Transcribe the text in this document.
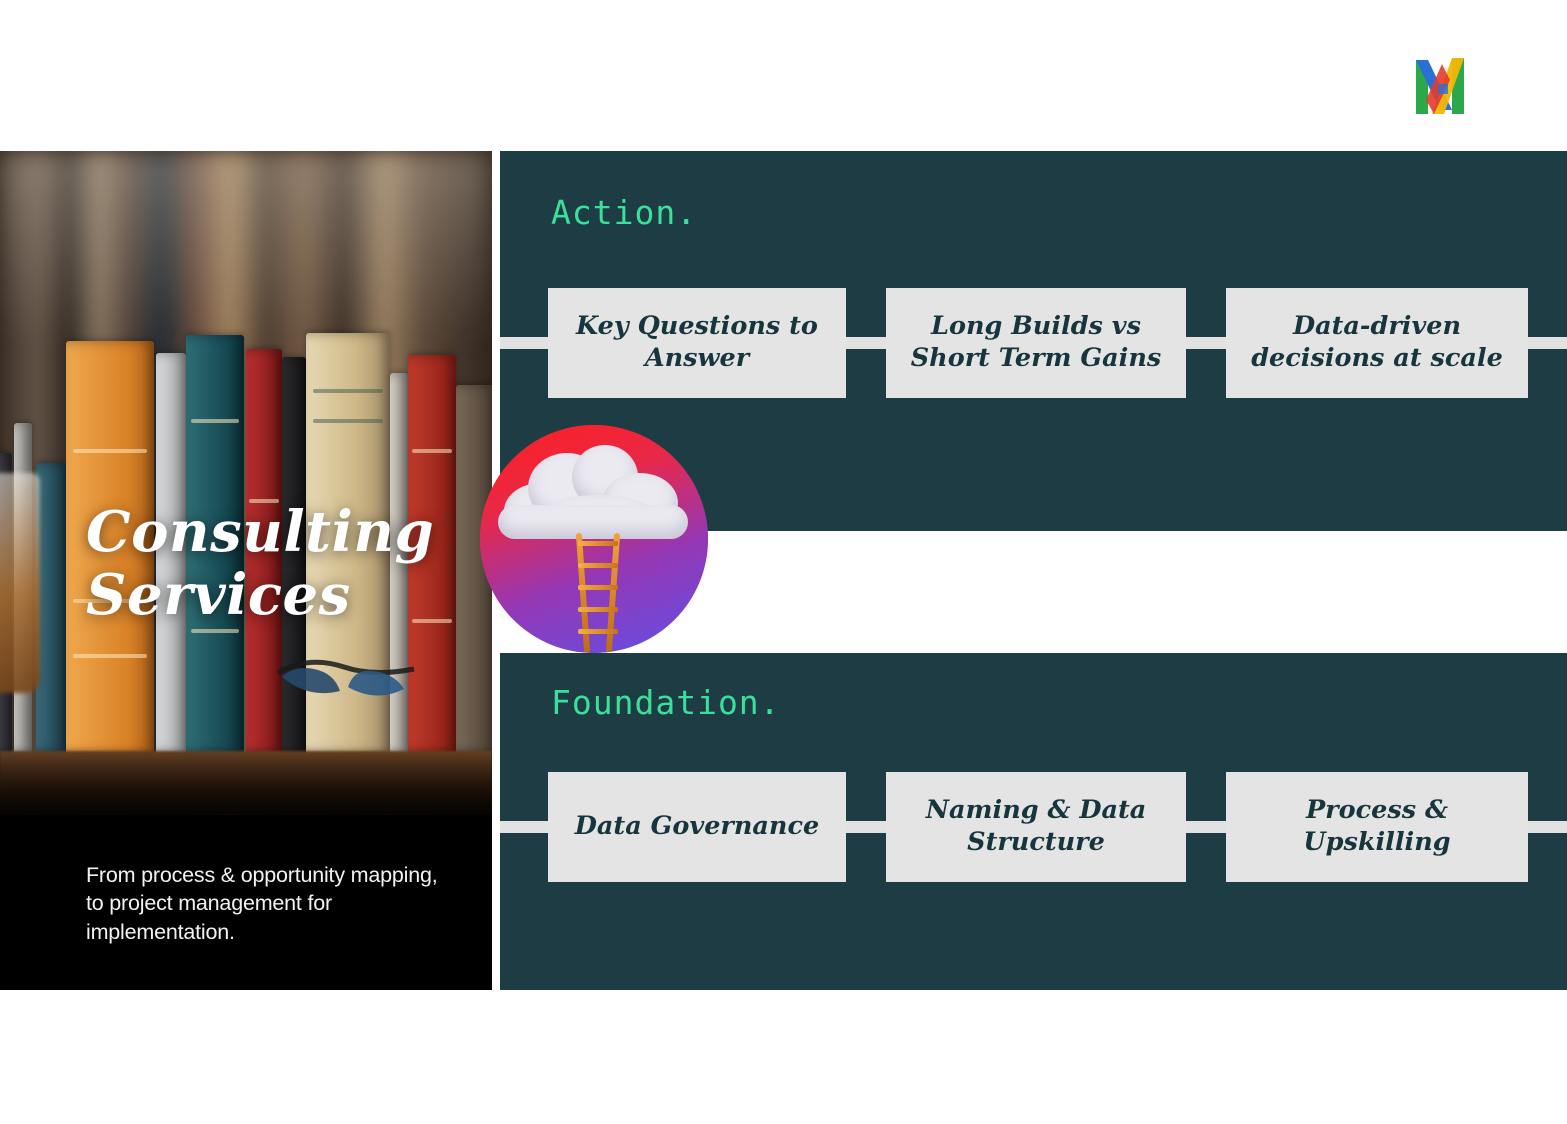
Consulting Services
From process & opportunity mapping, to project management for implementation.
Action.
Key Questions to Answer
Long Builds vs Short Term Gains
Data-driven decisions at scale
Foundation.
Data Governance
Naming & Data Structure
Process & Upskilling
